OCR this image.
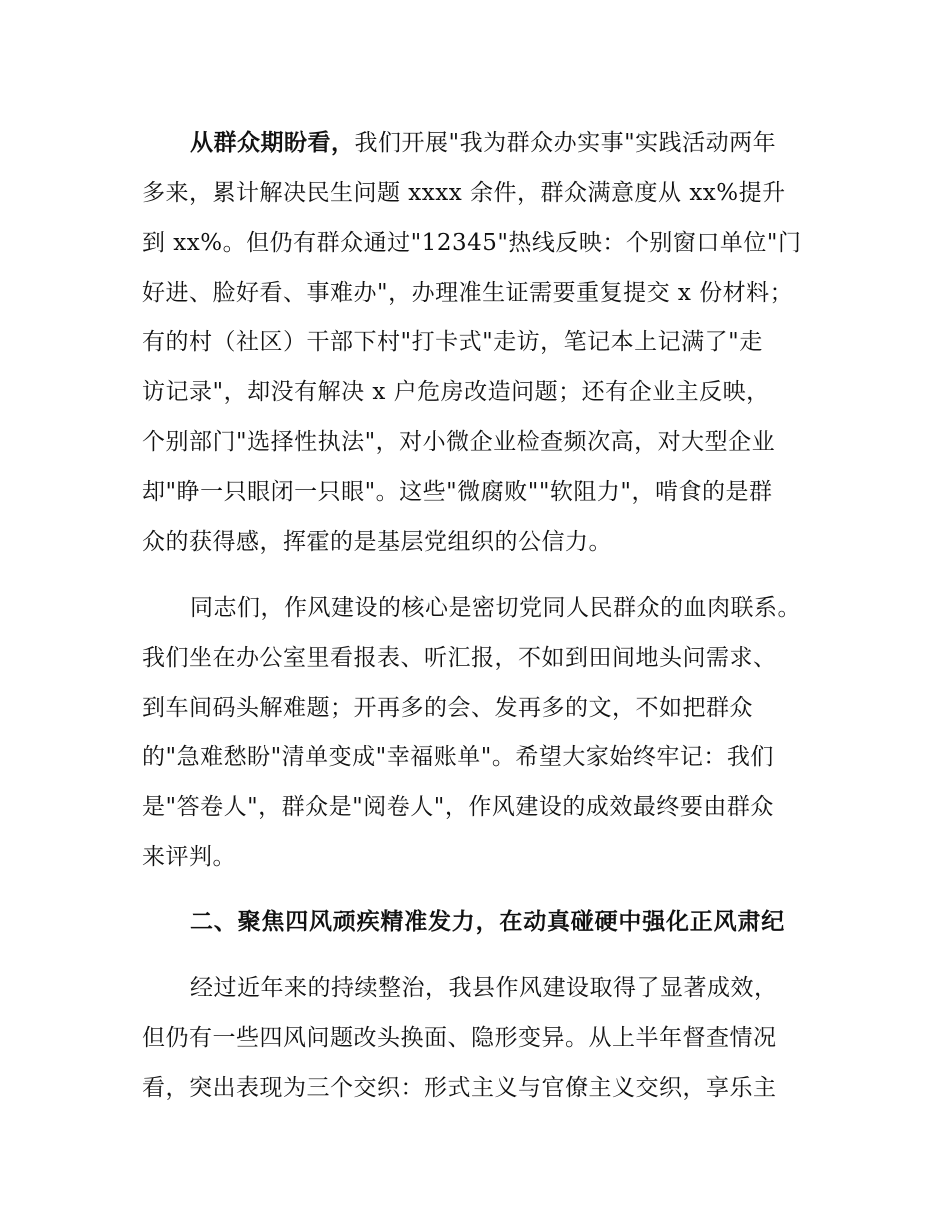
从群众期盼看，我们开展"我为群众办实事"实践活动两年
多来，累计解决民生问题 xxxx 余件，群众满意度从 xx%提升
到 xx%。但仍有群众通过"12345"热线反映：个别窗口单位"门
好进、脸好看、事难办"，办理准生证需要重复提交 x 份材料；
有的村（社区）干部下村"打卡式"走访，笔记本上记满了"走
访记录"，却没有解决 x 户危房改造问题；还有企业主反映，
个别部门"选择性执法"，对小微企业检查频次高，对大型企业
却"睁一只眼闭一只眼"。这些"微腐败""软阻力"，啃食的是群
众的获得感，挥霍的是基层党组织的公信力。
同志们，作风建设的核心是密切党同人民群众的血肉联系。
我们坐在办公室里看报表、听汇报，不如到田间地头问需求、
到车间码头解难题；开再多的会、发再多的文，不如把群众
的"急难愁盼"清单变成"幸福账单"。希望大家始终牢记：我们
是"答卷人"，群众是"阅卷人"，作风建设的成效最终要由群众
来评判。
二、聚焦四风顽疾精准发力，在动真碰硬中强化正风肃纪
经过近年来的持续整治，我县作风建设取得了显著成效，
但仍有一些四风问题改头换面、隐形变异。从上半年督查情况
看，突出表现为三个交织：形式主义与官僚主义交织，享乐主
